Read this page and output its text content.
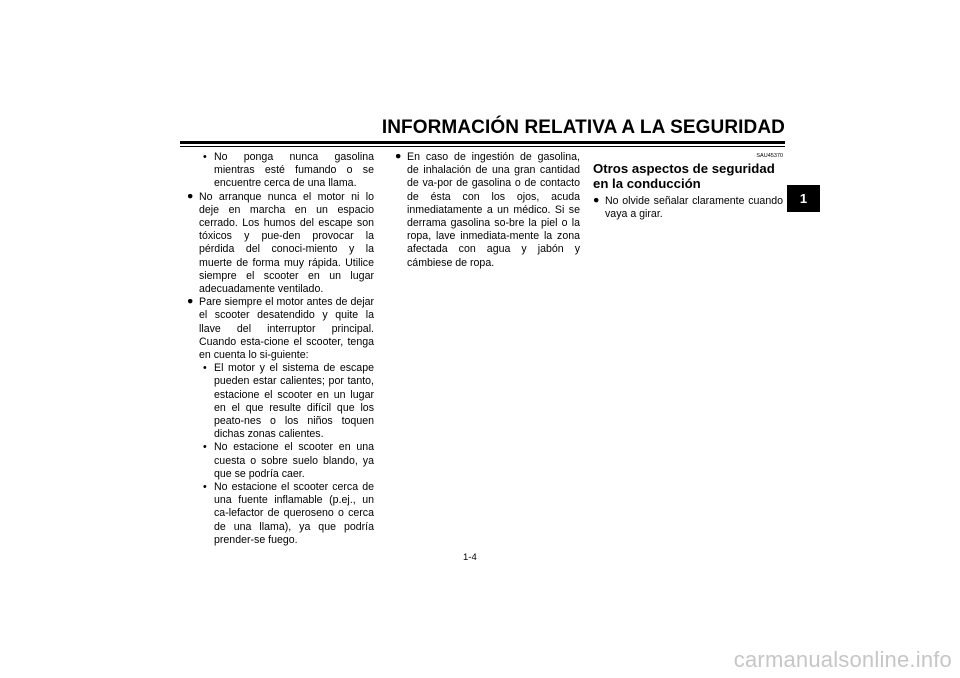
INFORMACIÓN RELATIVA A LA SEGURIDAD
1
• No ponga nunca gasolina mientras esté fumando o se encuentre cerca de una llama.
● No arranque nunca el motor ni lo deje en marcha en un espacio cerrado. Los humos del escape son tóxicos y pue-den provocar la pérdida del conoci-miento y la muerte de forma muy rápida. Utilice siempre el scooter en un lugar adecuadamente ventilado.
● Pare siempre el motor antes de dejar el scooter desatendido y quite la llave del interruptor principal. Cuando esta-cione el scooter, tenga en cuenta lo si-guiente:
• El motor y el sistema de escape pueden estar calientes; por tanto, estacione el scooter en un lugar en el que resulte difícil que los peato-nes o los niños toquen dichas zonas calientes.
• No estacione el scooter en una cuesta o sobre suelo blando, ya que se podría caer.
• No estacione el scooter cerca de una fuente inflamable (p.ej., un ca-lefactor de queroseno o cerca de una llama), ya que podría prender-se fuego.
● En caso de ingestión de gasolina, de inhalación de una gran cantidad de va-por de gasolina o de contacto de ésta con los ojos, acuda inmediatamente a un médico. Si se derrama gasolina so-bre la piel o la ropa, lave inmediata-mente la zona afectada con agua y jabón y cámbiese de ropa.
SAU45370
Otros aspectos de seguridad en la conducción
● No olvide señalar claramente cuando vaya a girar.
1-4
carmanualsonline.info
